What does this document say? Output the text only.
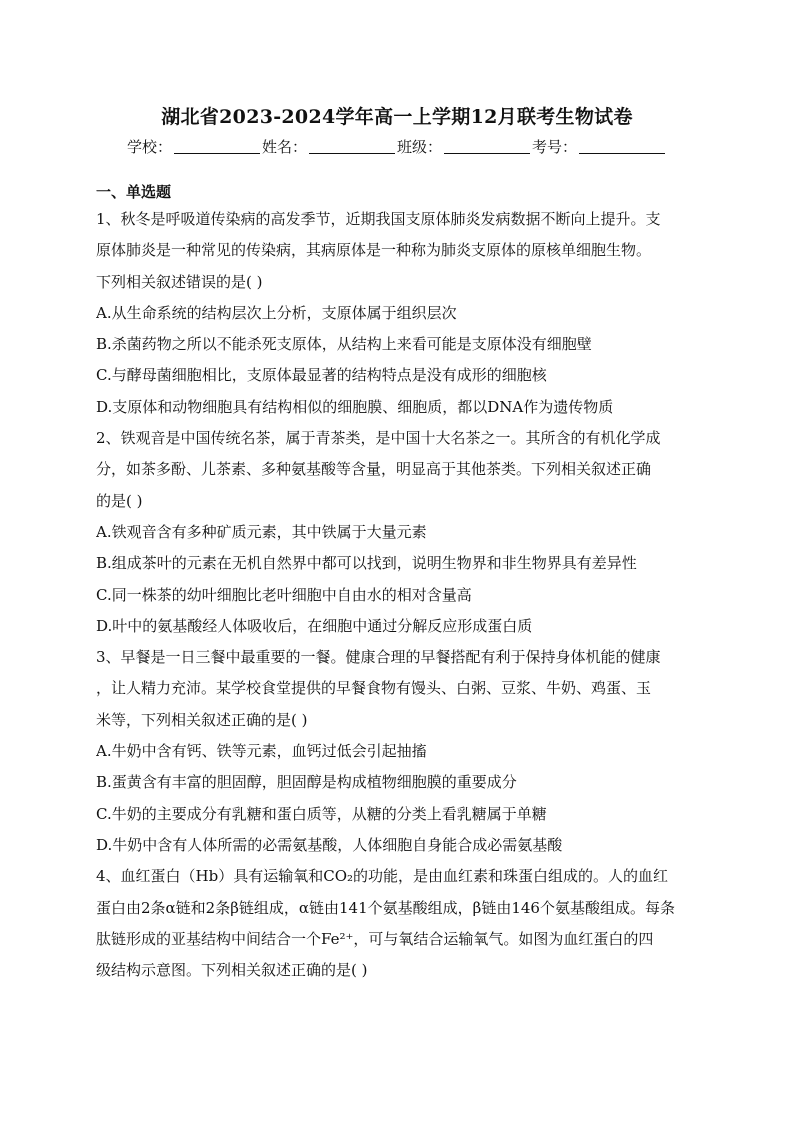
湖北省2023-2024学年高一上学期12月联考生物试卷
学校：	姓名：	班级：	考号：
一、单选题
1、秋冬是呼吸道传染病的高发季节，近期我国支原体肺炎发病数据不断向上提升。支
原体肺炎是一种常见的传染病，其病原体是一种称为肺炎支原体的原核单细胞生物。
下列相关叙述错误的是( )
A.从生命系统的结构层次上分析，支原体属于组织层次
B.杀菌药物之所以不能杀死支原体，从结构上来看可能是支原体没有细胞壁
C.与酵母菌细胞相比，支原体最显著的结构特点是没有成形的细胞核
D.支原体和动物细胞具有结构相似的细胞膜、细胞质，都以DNA作为遗传物质
2、铁观音是中国传统名茶，属于青茶类，是中国十大名茶之一。其所含的有机化学成
分，如茶多酚、儿茶素、多种氨基酸等含量，明显高于其他茶类。下列相关叙述正确
的是( )
A.铁观音含有多种矿质元素，其中铁属于大量元素
B.组成茶叶的元素在无机自然界中都可以找到，说明生物界和非生物界具有差异性
C.同一株茶的幼叶细胞比老叶细胞中自由水的相对含量高
D.叶中的氨基酸经人体吸收后，在细胞中通过分解反应形成蛋白质
3、早餐是一日三餐中最重要的一餐。健康合理的早餐搭配有利于保持身体机能的健康
，让人精力充沛。某学校食堂提供的早餐食物有馒头、白粥、豆浆、牛奶、鸡蛋、玉
米等，下列相关叙述正确的是( )
A.牛奶中含有钙、铁等元素，血钙过低会引起抽搐
B.蛋黄含有丰富的胆固醇，胆固醇是构成植物细胞膜的重要成分
C.牛奶的主要成分有乳糖和蛋白质等，从糖的分类上看乳糖属于单糖
D.牛奶中含有人体所需的必需氨基酸，人体细胞自身能合成必需氨基酸
4、血红蛋白（Hb）具有运输氧和CO₂的功能，是由血红素和珠蛋白组成的。人的血红
蛋白由2条α链和2条β链组成，α链由141个氨基酸组成，β链由146个氨基酸组成。每条
肽链形成的亚基结构中间结合一个Fe²⁺，可与氧结合运输氧气。如图为血红蛋白的四
级结构示意图。下列相关叙述正确的是( )
